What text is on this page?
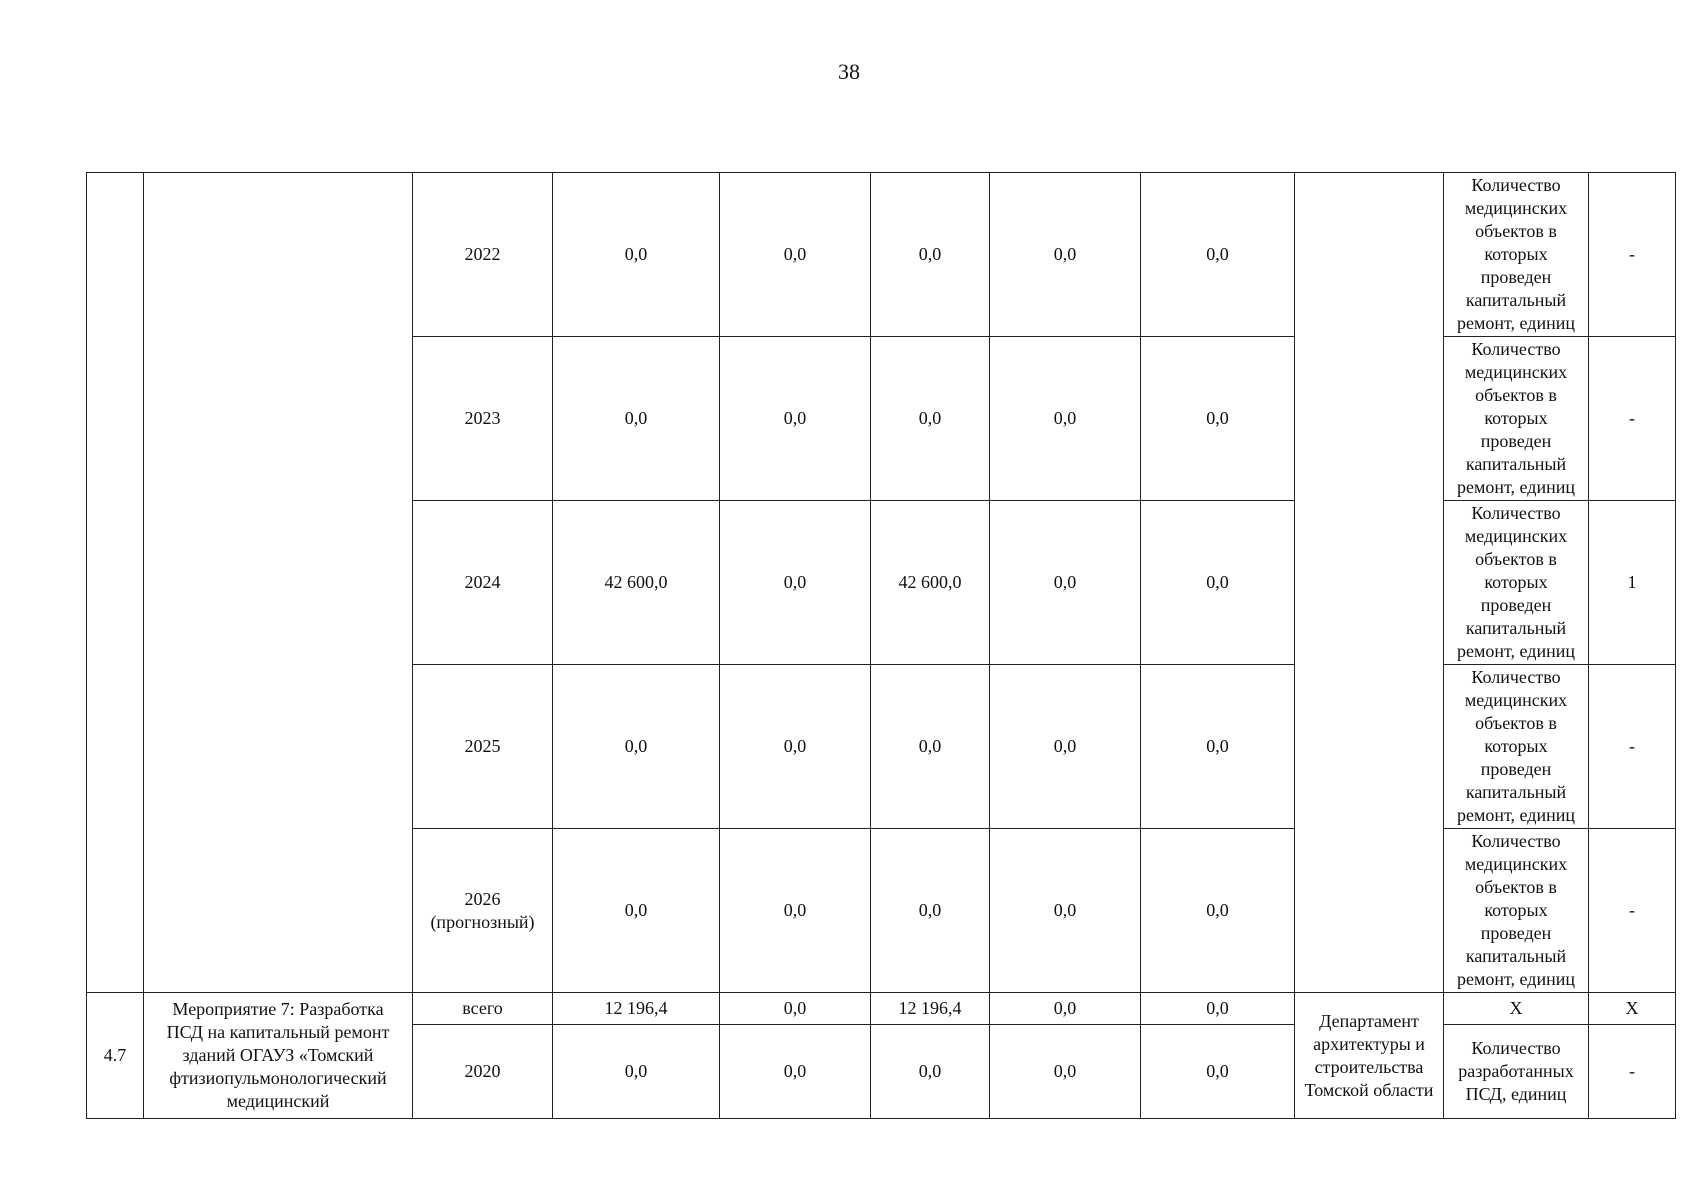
38
		2022	0,0	0,0	0,0	0,0	0,0		Количество медицинских объектов в которых проведен капитальный ремонт, единиц	-
		2023	0,0	0,0	0,0	0,0	0,0		Количество медицинских объектов в которых проведен капитальный ремонт, единиц	-
		2024	42 600,0	0,0	42 600,0	0,0	0,0		Количество медицинских объектов в которых проведен капитальный ремонт, единиц	1
		2025	0,0	0,0	0,0	0,0	0,0		Количество медицинских объектов в которых проведен капитальный ремонт, единиц	-
		2026 (прогнозный)	0,0	0,0	0,0	0,0	0,0		Количество медицинских объектов в которых проведен капитальный ремонт, единиц	-
4.7	Мероприятие 7: Разработка ПСД на капитальный ремонт зданий ОГАУЗ «Томский фтизиопульмонологический медицинский	всего	12 196,4	0,0	12 196,4	0,0	0,0	Департамент архитектуры и строительства Томской области	X	X
		2020	0,0	0,0	0,0	0,0	0,0		Количество разработанных ПСД, единиц	-
